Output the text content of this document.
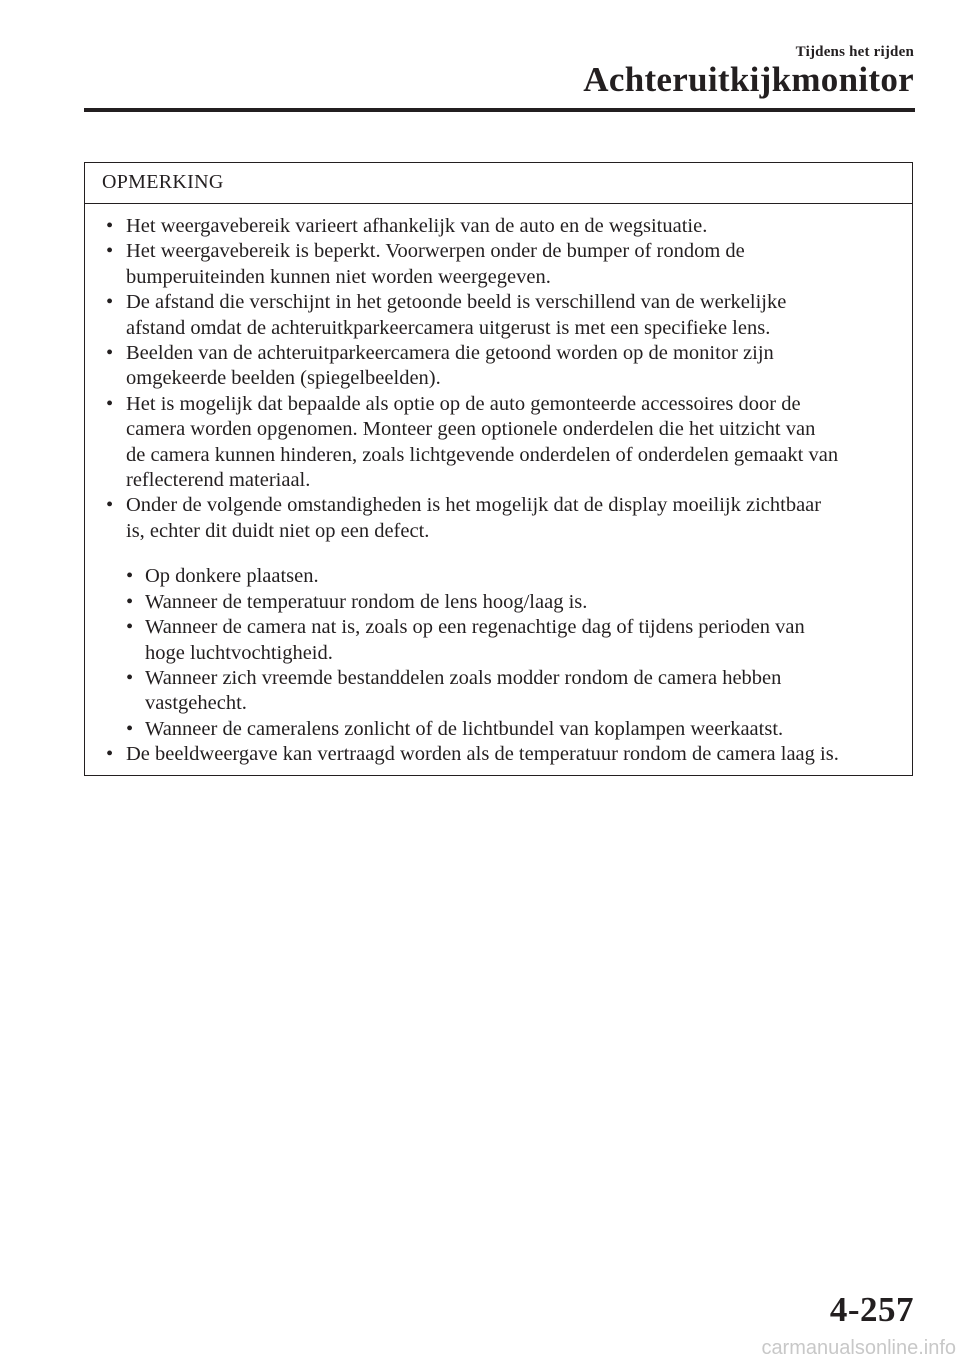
Tijdens het rijden
Achteruitkijkmonitor
OPMERKING
• Het weergavebereik varieert afhankelijk van de auto en de wegsituatie.
• Het weergavebereik is beperkt. Voorwerpen onder de bumper of rondom de
bumperuiteinden kunnen niet worden weergegeven.
• De afstand die verschijnt in het getoonde beeld is verschillend van de werkelijke
afstand omdat de achteruitkparkeercamera uitgerust is met een specifieke lens.
• Beelden van de achteruitparkeercamera die getoond worden op de monitor zijn
omgekeerde beelden (spiegelbeelden).
• Het is mogelijk dat bepaalde als optie op de auto gemonteerde accessoires door de
camera worden opgenomen. Monteer geen optionele onderdelen die het uitzicht van
de camera kunnen hinderen, zoals lichtgevende onderdelen of onderdelen gemaakt van
reflecterend materiaal.
• Onder de volgende omstandigheden is het mogelijk dat de display moeilijk zichtbaar
is, echter dit duidt niet op een defect.
• Op donkere plaatsen.
• Wanneer de temperatuur rondom de lens hoog/laag is.
• Wanneer de camera nat is, zoals op een regenachtige dag of tijdens perioden van
hoge luchtvochtigheid.
• Wanneer zich vreemde bestanddelen zoals modder rondom de camera hebben
vastgehecht.
• Wanneer de cameralens zonlicht of de lichtbundel van koplampen weerkaatst.
• De beeldweergave kan vertraagd worden als de temperatuur rondom de camera laag is.
4-257
carmanualsonline.info
